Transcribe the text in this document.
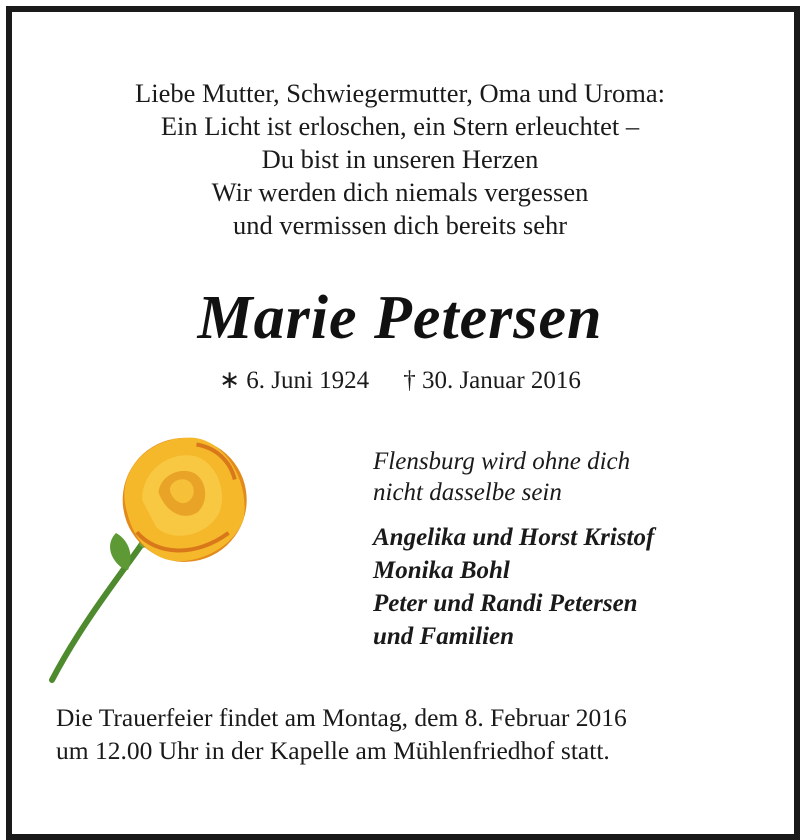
Liebe Mutter, Schwiegermutter, Oma und Uroma:
Ein Licht ist erloschen, ein Stern erleuchtet –
Du bist in unseren Herzen
Wir werden dich niemals vergessen
und vermissen dich bereits sehr
Marie Petersen
∗ 6. Juni 1924 † 30. Januar 2016
Flensburg wird ohne dich
nicht dasselbe sein
Angelika und Horst Kristof
Monika Bohl
Peter und Randi Petersen
und Familien
Die Trauerfeier findet am Montag, dem 8. Februar 2016
um 12.00 Uhr in der Kapelle am Mühlenfriedhof statt.
